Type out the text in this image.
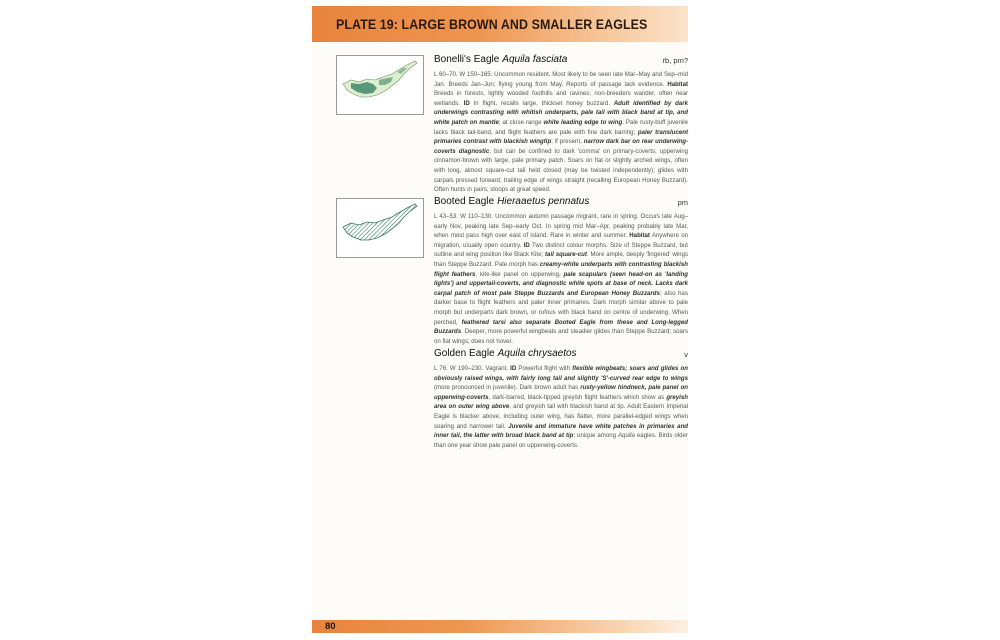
PLATE 19: LARGE BROWN AND SMALLER EAGLES
Bonelli's Eagle Aquila fasciata	rb, pm?
L 60–70. W 150–165. Uncommon resident. Most likely to be seen late Mar–May and Sep–mid Jan. Breeds Jan–Jun; flying young from May. Reports of passage lack evidence. Habitat Breeds in forests, lightly wooded foothills and ravines; non-breeders wander, often near wetlands. ID In flight, recalls large, thickset honey buzzard. Adult identified by dark underwings contrasting with whitish underparts, pale tail with black band at tip, and white patch on mantle; at close range white leading edge to wing. Pale rusty-buff juvenile lacks black tail-band, and flight feathers are pale with fine dark barring; paler translucent primaries contrast with blackish wingtip; if present, narrow dark bar on rear underwing-coverts diagnostic, but can be confined to dark 'comma' on primary-coverts; upperwing cinnamon-brown with large, pale primary patch. Soars on flat or slightly arched wings, often with long, almost square-cut tail held closed (may be twisted independently); glides with carpals pressed forward, trailing edge of wings straight (recalling European Honey Buzzard). Often hunts in pairs; stoops at great speed.
Booted Eagle Hieraaetus pennatus	pm
L 43–53. W 110–130. Uncommon autumn passage migrant, rare in spring. Occurs late Aug–early Nov, peaking late Sep–early Oct. In spring mid Mar–Apr, peaking probably late Mar, when most pass high over east of island. Rare in winter and summer. Habitat Anywhere on migration, usually open country. ID Two distinct colour morphs. Size of Steppe Buzzard, but outline and wing position like Black Kite; tail square-cut. More ample, deeply 'fingered' wings than Steppe Buzzard. Pale morph has creamy-white underparts with contrasting blackish flight feathers, kite-like panel on upperwing, pale scapulars (seen head-on as 'landing lights') and uppertail-coverts, and diagnostic white spots at base of neck. Lacks dark carpal patch of most pale Steppe Buzzards and European Honey Buzzards; also has darker base to flight feathers and paler inner primaries. Dark morph similar above to pale morph but underparts dark brown, or rufous with black band on centre of underwing. When perched, feathered tarsi also separate Booted Eagle from these and Long-legged Buzzards. Deeper, more powerful wingbeats and steadier glides than Steppe Buzzard; soars on flat wings; does not hover.
Golden Eagle Aquila chrysaetos	v
L 76. W 190–230. Vagrant. ID Powerful flight with flexible wingbeats; soars and glides on obviously raised wings, with fairly long tail and slightly 'S'-curved rear edge to wings (more pronounced in juvenile). Dark brown adult has rusty-yellow hindneck, pale panel on upperwing-coverts, dark-barred, black-tipped greyish flight feathers which show as greyish area on outer wing above, and greyish tail with blackish band at tip. Adult Eastern Imperial Eagle is blacker above, including outer wing, has flatter, more parallel-edged wings when soaring and narrower tail. Juvenile and immature have white patches in primaries and inner tail, the latter with broad black band at tip; unique among Aquila eagles. Birds older than one year show pale panel on upperwing-coverts.
80
